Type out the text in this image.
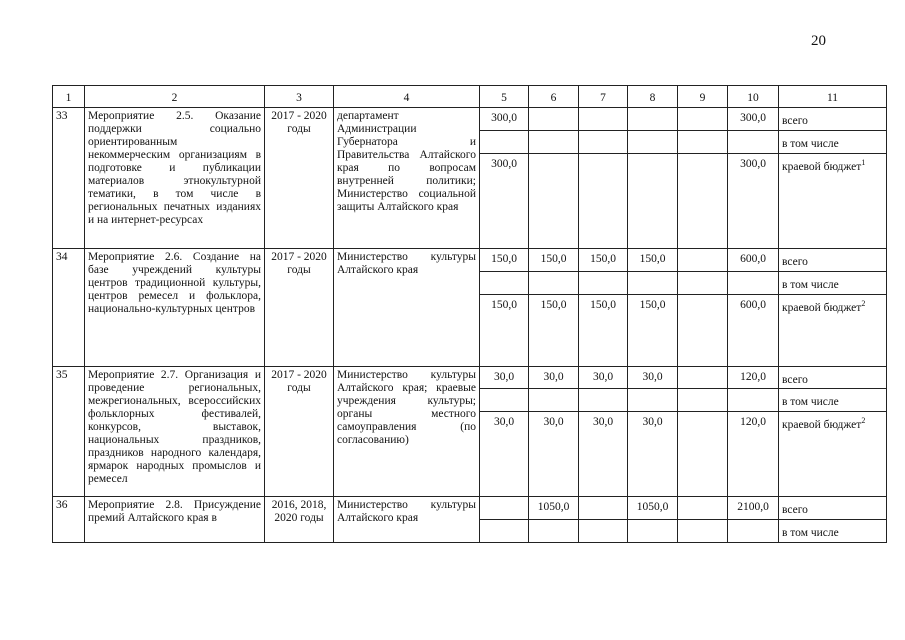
20
1	2	3	4	5	6	7	8	9	10	11
33	Мероприятие 2.5. Оказание поддержки социально ориентированным некоммерческим организациям в подготовке и публикации материалов этнокультурной тематики, в том числе в региональных печатных изданиях и на интернет-ресурсах	2017 - 2020 годы	департамент Администрации Губернатора и Правительства Алтайского края по вопросам внутренней политики; Министерство социальной защиты Алтайского края	300,0					300,0	всего
										в том числе
				300,0					300,0	краевой бюджет$^1$
34	Мероприятие 2.6. Создание на базе учреждений культуры центров традиционной культуры, центров ремесел и фольклора, национально-культурных центров	2017 - 2020 годы	Министерство культуры Алтайского края	150,0	150,0	150,0	150,0		600,0	всего
										в том числе
				150,0	150,0	150,0	150,0		600,0	краевой бюджет$^2$
35	Мероприятие 2.7. Организация и проведение региональных, межрегиональных, всероссийских фольклорных фестивалей, конкурсов, выставок, национальных праздников, праздников народного календаря, ярмарок народных промыслов и ремесел	2017 - 2020 годы	Министерство культуры Алтайского края; краевые учреждения культуры; органы местного самоуправления (по согласованию)	30,0	30,0	30,0	30,0		120,0	всего
										в том числе
				30,0	30,0	30,0	30,0		120,0	краевой бюджет$^2$
36	Мероприятие 2.8. Присуждение премий Алтайского края в	2016, 2018, 2020 годы	Министерство культуры Алтайского края		1050,0		1050,0		2100,0	всего
										в том числе
